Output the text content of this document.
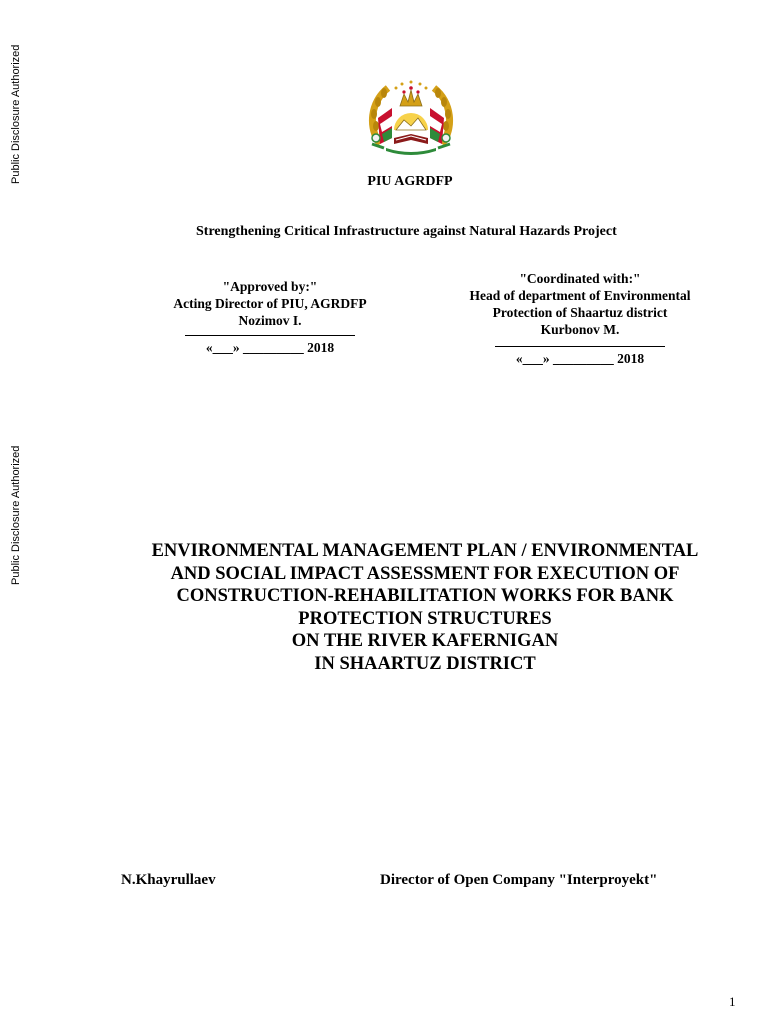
Public Disclosure Authorized
Public Disclosure Authorized
PIU AGRDFP
Strengthening Critical Infrastructure against Natural Hazards Project
"Approved by:"
Acting Director of PIU, AGRDFP
Nozimov I.
«___» _________ 2018
"Coordinated with:"
Head of department of Environmental
Protection of Shaartuz district
Kurbonov M.
«___» _________ 2018
ENVIRONMENTAL MANAGEMENT PLAN / ENVIRONMENTAL
AND SOCIAL IMPACT ASSESSMENT FOR EXECUTION OF
CONSTRUCTION-REHABILITATION WORKS FOR BANK
PROTECTION STRUCTURES
ON THE RIVER KAFERNIGAN
IN SHAARTUZ DISTRICT
N.Khayrullaev	Director of Open Company "Interproyekt"
1
